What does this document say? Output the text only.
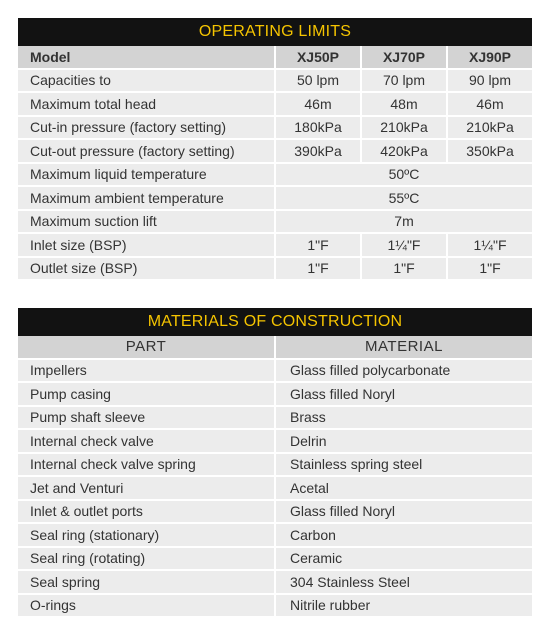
OPERATING LIMITS			
Model	XJ50P	XJ70P	XJ90P
Capacities to	50 lpm	70 lpm	90 lpm
Maximum total head	46m	48m	46m
Cut-in pressure (factory setting)	180kPa	210kPa	210kPa
Cut-out pressure (factory setting)	390kPa	420kPa	350kPa
Maximum liquid temperature	50ºC		
Maximum ambient temperature	55ºC		
Maximum suction lift	7m		
Inlet size (BSP)	1"F	1¼"F	1¼"F
Outlet size (BSP)	1"F	1"F	1"F
MATERIALS OF CONSTRUCTION	
PART	MATERIAL
Impellers	Glass filled polycarbonate
Pump casing	Glass filled Noryl
Pump shaft sleeve	Brass
Internal check valve	Delrin
Internal check valve spring	Stainless spring steel
Jet and Venturi	Acetal
Inlet & outlet ports	Glass filled Noryl
Seal ring (stationary)	Carbon
Seal ring (rotating)	Ceramic
Seal spring	304 Stainless Steel
O-rings	Nitrile rubber
